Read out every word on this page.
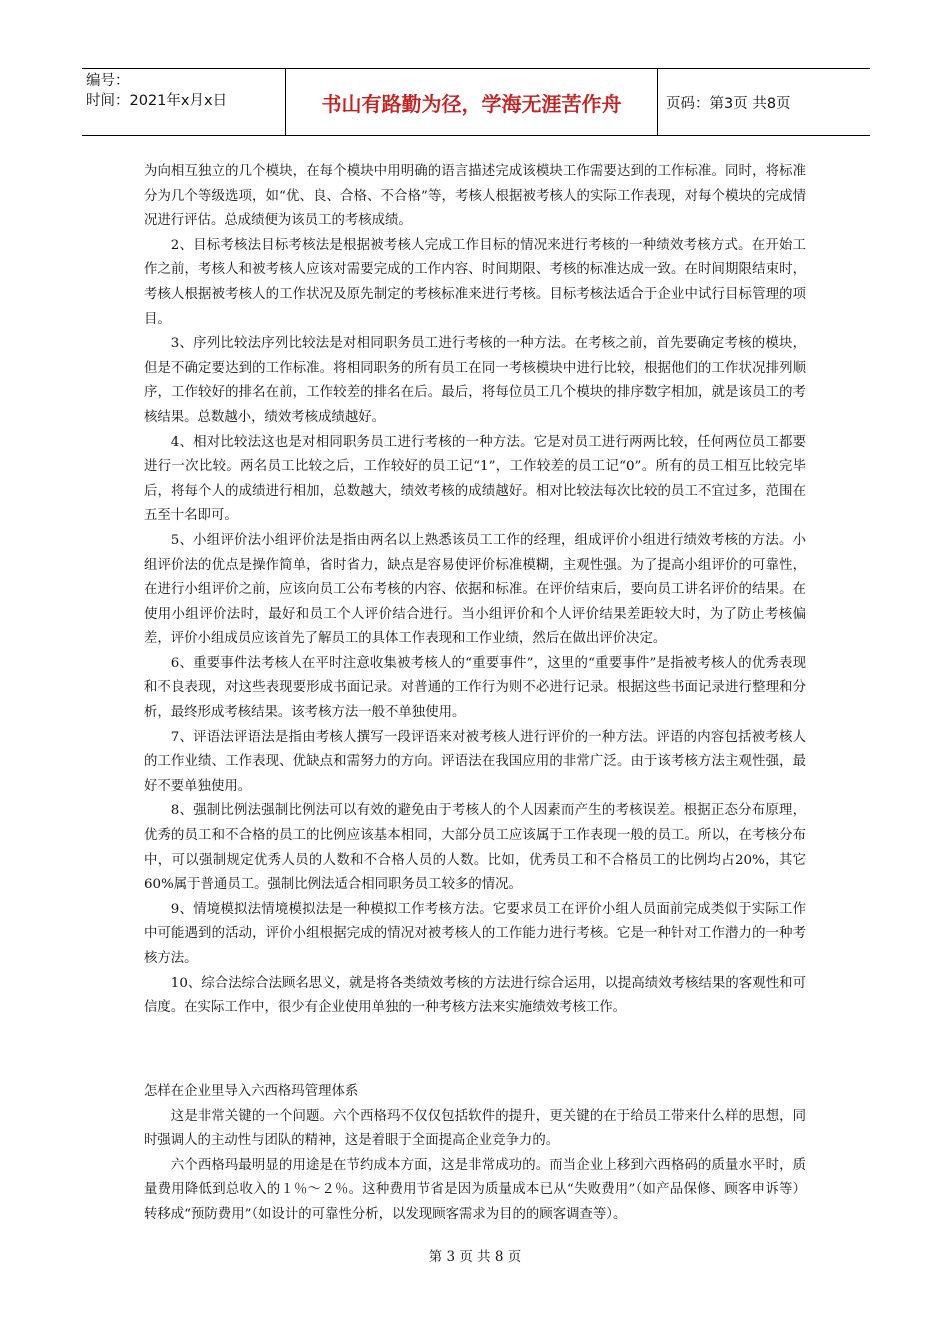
编号：
时间：2021年x月x日	书山有路勤为径，学海无涯苦作舟	页码：第3页 共8页

为向相互独立的几个模块，在每个模块中用明确的语言描述完成该模块工作需要达到的工作标准。同时，将标准分为几个等级选项，如“优、良、合格、不合格”等，考核人根据被考核人的实际工作表现，对每个模块的完成情况进行评估。总成绩便为该员工的考核成绩。

2、目标考核法目标考核法是根据被考核人完成工作目标的情况来进行考核的一种绩效考核方式。在开始工作之前，考核人和被考核人应该对需要完成的工作内容、时间期限、考核的标准达成一致。在时间期限结束时，考核人根据被考核人的工作状况及原先制定的考核标准来进行考核。目标考核法适合于企业中试行目标管理的项目。

3、序列比较法序列比较法是对相同职务员工进行考核的一种方法。在考核之前，首先要确定考核的模块，但是不确定要达到的工作标准。将相同职务的所有员工在同一考核模块中进行比较，根据他们的工作状况排列顺序，工作较好的排名在前，工作较差的排名在后。最后，将每位员工几个模块的排序数字相加，就是该员工的考核结果。总数越小，绩效考核成绩越好。

4、相对比较法这也是对相同职务员工进行考核的一种方法。它是对员工进行两两比较，任何两位员工都要进行一次比较。两名员工比较之后，工作较好的员工记“1”，工作较差的员工记“0”。所有的员工相互比较完毕后，将每个人的成绩进行相加，总数越大，绩效考核的成绩越好。相对比较法每次比较的员工不宜过多，范围在五至十名即可。

5、小组评价法小组评价法是指由两名以上熟悉该员工工作的经理，组成评价小组进行绩效考核的方法。小组评价法的优点是操作简单，省时省力，缺点是容易使评价标准模糊，主观性强。为了提高小组评价的可靠性，在进行小组评价之前，应该向员工公布考核的内容、依据和标准。在评价结束后，要向员工讲名评价的结果。在使用小组评价法时，最好和员工个人评价结合进行。当小组评价和个人评价结果差距较大时，为了防止考核偏差，评价小组成员应该首先了解员工的具体工作表现和工作业绩，然后在做出评价决定。

6、重要事件法考核人在平时注意收集被考核人的“重要事件”，这里的“重要事件”是指被考核人的优秀表现和不良表现，对这些表现要形成书面记录。对普通的工作行为则不必进行记录。根据这些书面记录进行整理和分析，最终形成考核结果。该考核方法一般不单独使用。

7、评语法评语法是指由考核人撰写一段评语来对被考核人进行评价的一种方法。评语的内容包括被考核人的工作业绩、工作表现、优缺点和需努力的方向。评语法在我国应用的非常广泛。由于该考核方法主观性强，最好不要单独使用。

8、强制比例法强制比例法可以有效的避免由于考核人的个人因素而产生的考核误差。根据正态分布原理，优秀的员工和不合格的员工的比例应该基本相同，大部分员工应该属于工作表现一般的员工。所以，在考核分布中，可以强制规定优秀人员的人数和不合格人员的人数。比如，优秀员工和不合格员工的比例均占20%，其它60%属于普通员工。强制比例法适合相同职务员工较多的情况。

9、情境模拟法情境模拟法是一种模拟工作考核方法。它要求员工在评价小组人员面前完成类似于实际工作中可能遇到的活动，评价小组根据完成的情况对被考核人的工作能力进行考核。它是一种针对工作潜力的一种考核方法。

10、综合法综合法顾名思义，就是将各类绩效考核的方法进行综合运用，以提高绩效考核结果的客观性和可信度。在实际工作中，很少有企业使用单独的一种考核方法来实施绩效考核工作。

怎样在企业里导入六西格玛管理体系

这是非常关键的一个问题。六个西格玛不仅仅包括软件的提升，更关键的在于给员工带来什么样的思想，同时强调人的主动性与团队的精神，这是着眼于全面提高企业竞争力的。

六个西格玛最明显的用途是在节约成本方面，这是非常成功的。而当企业上移到六西格码的质量水平时，质量费用降低到总收入的１％～２％。这种费用节省是因为质量成本已从“失败费用”（如产品保修、顾客申诉等）转移成“预防费用”（如设计的可靠性分析，以发现顾客需求为目的的顾客调查等）。

第 3 页 共 8 页
